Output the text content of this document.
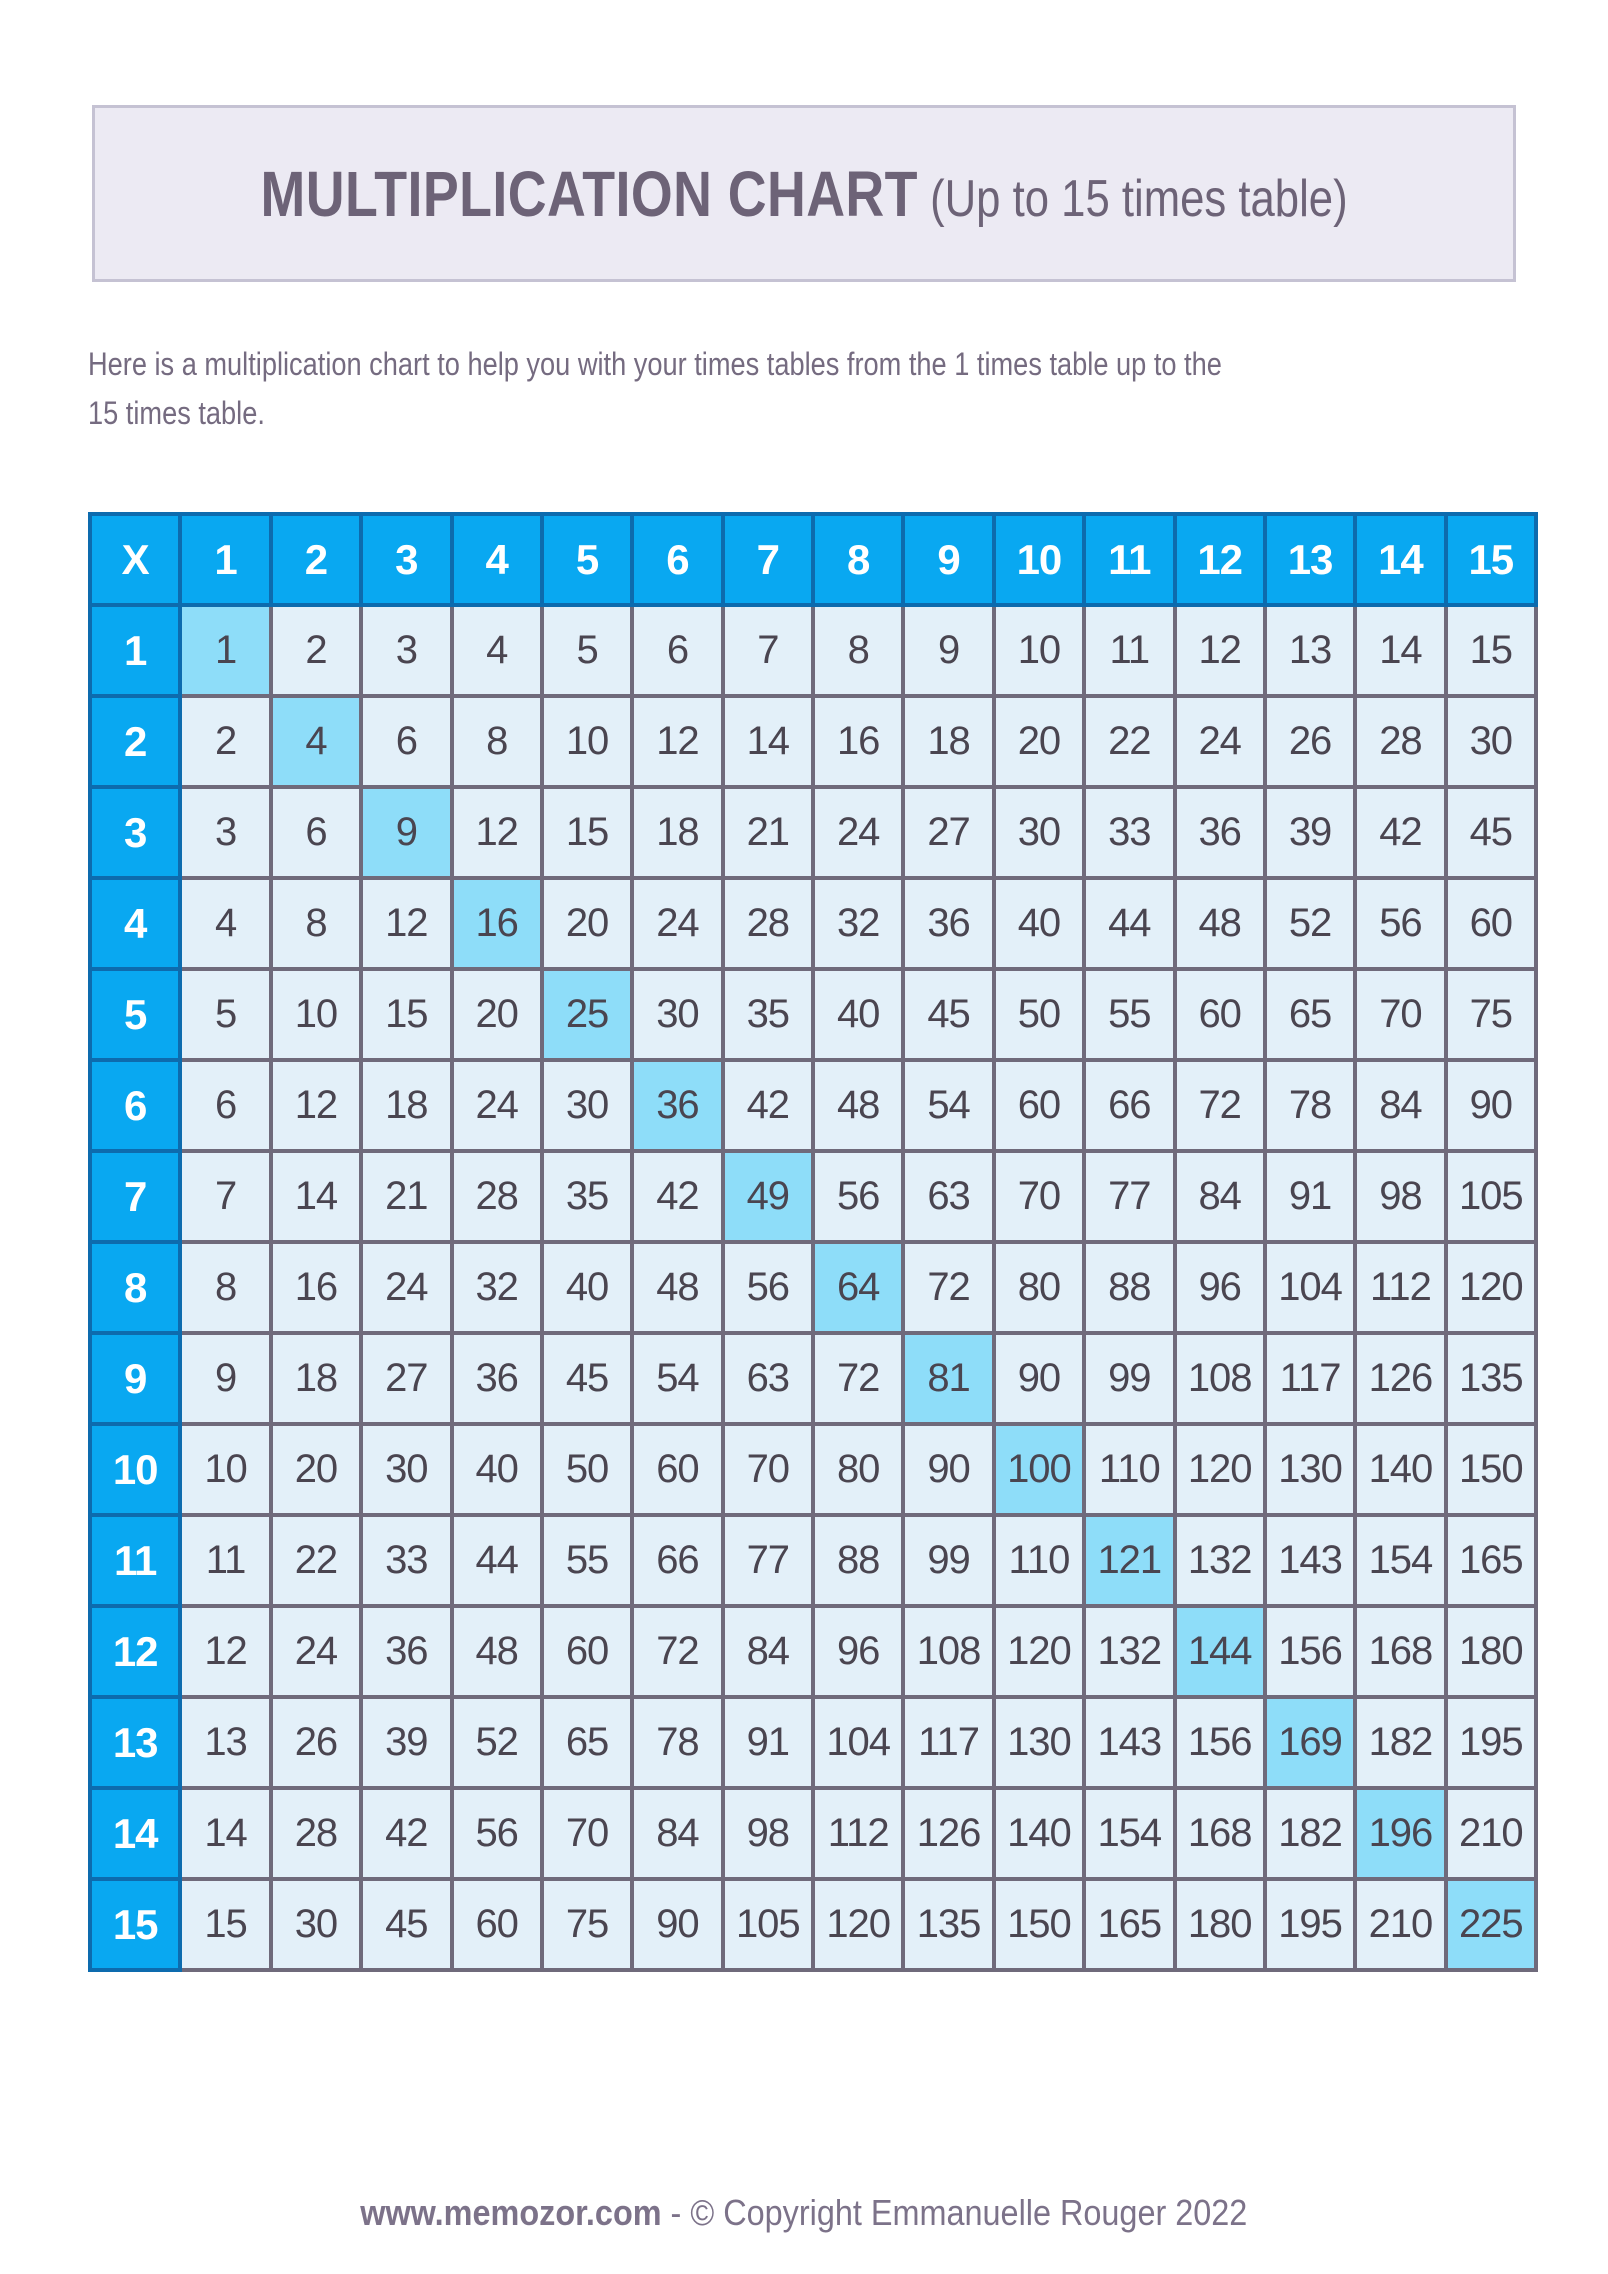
MULTIPLICATION CHART (Up to 15 times table)
Here is a multiplication chart to help you with your times tables from the 1 times table up to the
15 times table.
X	1	2	3	4	5	6	7	8	9	10	11	12	13	14	15
1	1	2	3	4	5	6	7	8	9	10	11	12	13	14	15
2	2	4	6	8	10	12	14	16	18	20	22	24	26	28	30
3	3	6	9	12	15	18	21	24	27	30	33	36	39	42	45
4	4	8	12	16	20	24	28	32	36	40	44	48	52	56	60
5	5	10	15	20	25	30	35	40	45	50	55	60	65	70	75
6	6	12	18	24	30	36	42	48	54	60	66	72	78	84	90
7	7	14	21	28	35	42	49	56	63	70	77	84	91	98	105
8	8	16	24	32	40	48	56	64	72	80	88	96	104	112	120
9	9	18	27	36	45	54	63	72	81	90	99	108	117	126	135
10	10	20	30	40	50	60	70	80	90	100	110	120	130	140	150
11	11	22	33	44	55	66	77	88	99	110	121	132	143	154	165
12	12	24	36	48	60	72	84	96	108	120	132	144	156	168	180
13	13	26	39	52	65	78	91	104	117	130	143	156	169	182	195
14	14	28	42	56	70	84	98	112	126	140	154	168	182	196	210
15	15	30	45	60	75	90	105	120	135	150	165	180	195	210	225
www.memozor.com - © Copyright Emmanuelle Rouger 2022
